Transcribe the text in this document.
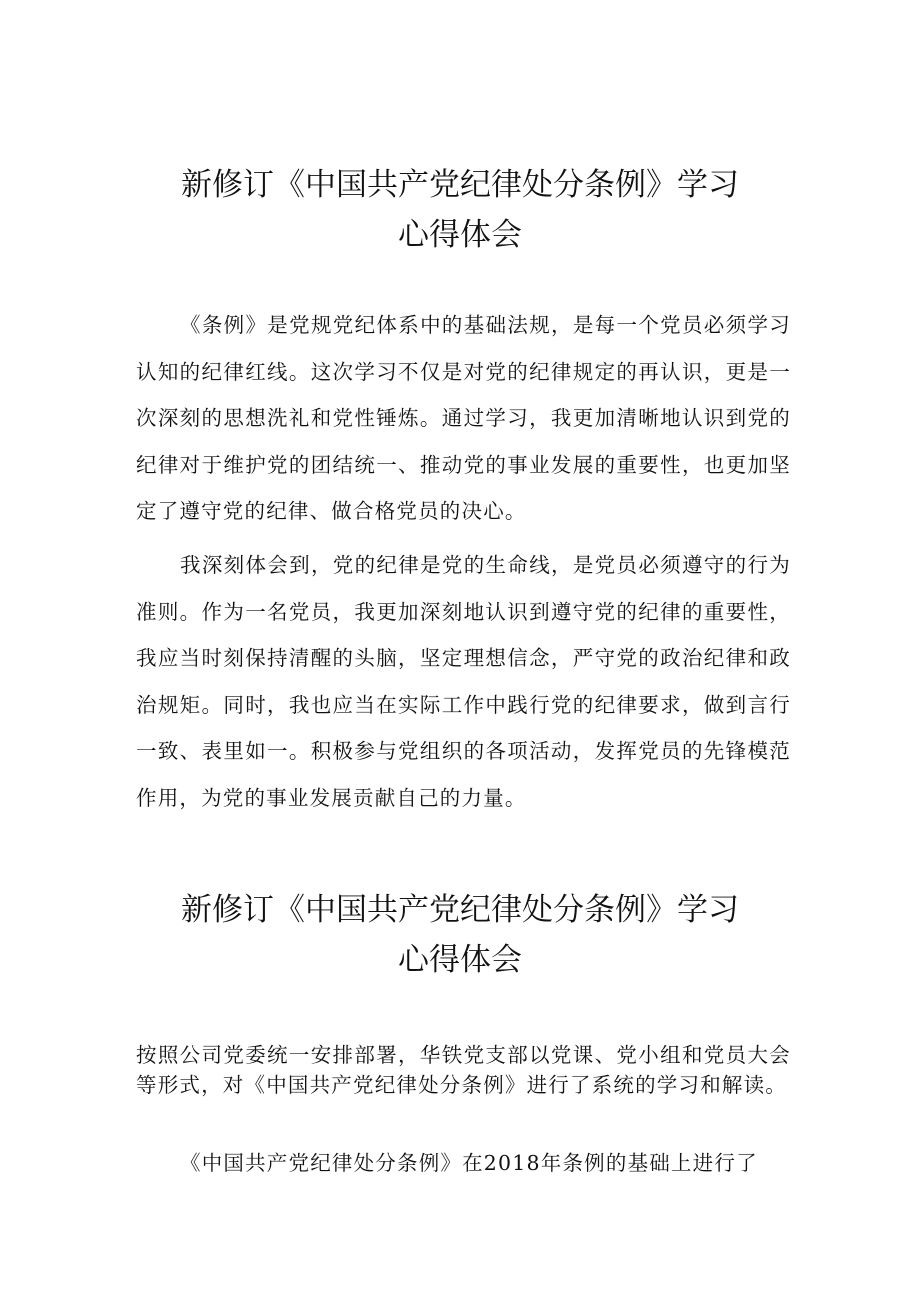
新修订《中国共产党纪律处分条例》学习
心得体会

《条例》是党规党纪体系中的基础法规，是每一个党员必须学习认知的纪律红线。这次学习不仅是对党的纪律规定的再认识，更是一次深刻的思想洗礼和党性锤炼。通过学习，我更加清晰地认识到党的纪律对于维护党的团结统一、推动党的事业发展的重要性，也更加坚定了遵守党的纪律、做合格党员的决心。

我深刻体会到，党的纪律是党的生命线，是党员必须遵守的行为准则。作为一名党员，我更加深刻地认识到遵守党的纪律的重要性，我应当时刻保持清醒的头脑，坚定理想信念，严守党的政治纪律和政治规矩。同时，我也应当在实际工作中践行党的纪律要求，做到言行一致、表里如一。积极参与党组织的各项活动，发挥党员的先锋模范作用，为党的事业发展贡献自己的力量。

新修订《中国共产党纪律处分条例》学习
心得体会

按照公司党委统一安排部署，华铁党支部以党课、党小组和党员大会等形式，对《中国共产党纪律处分条例》进行了系统的学习和解读。

《中国共产党纪律处分条例》在2018年条例的基础上进行了
